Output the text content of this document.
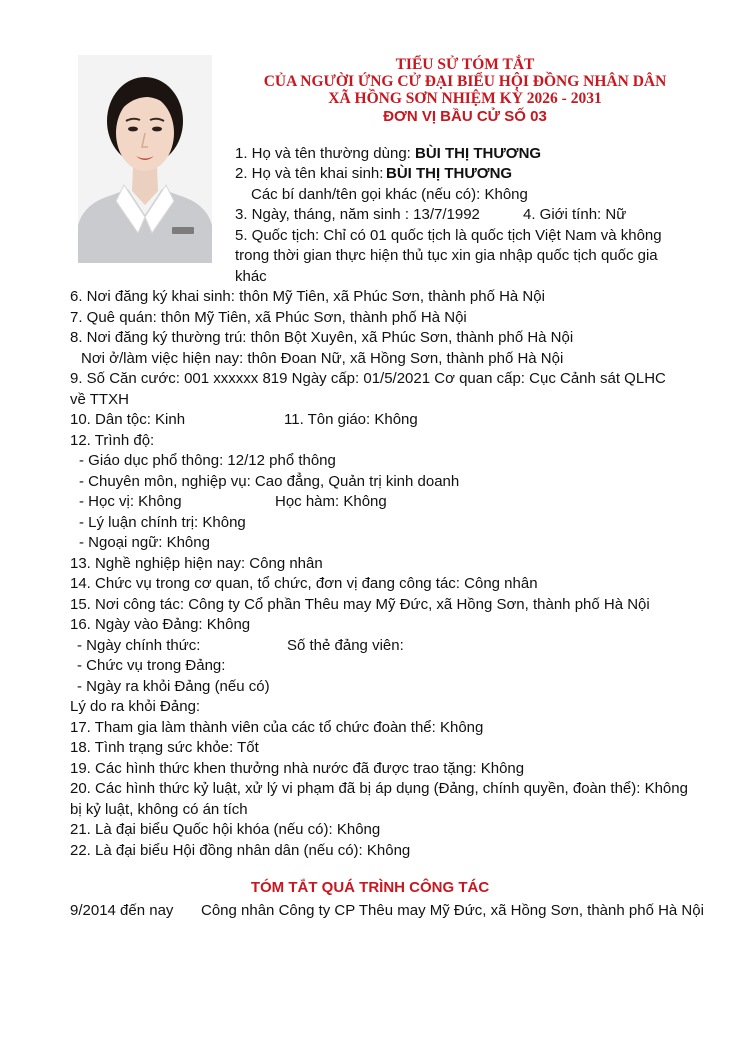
TIỂU SỬ TÓM TẮT
CỦA NGƯỜI ỨNG CỬ ĐẠI BIỂU HỘI ĐỒNG NHÂN DÂN
XÃ HỒNG SƠN NHIỆM KỲ 2026 - 2031
ĐƠN VỊ BẦU CỬ SỐ 03
1. Họ và tên thường dùng: BÙI THỊ THƯƠNG
2. Họ và tên khai sinh: BÙI THỊ THƯƠNG
Các bí danh/tên gọi khác (nếu có): Không
3. Ngày, tháng, năm sinh : 13/7/1992	4. Giới tính: Nữ
5. Quốc tịch: Chỉ có 01 quốc tịch là quốc tịch Việt Nam và không
trong thời gian thực hiện thủ tục xin gia nhập quốc tịch quốc gia
khác
6. Nơi đăng ký khai sinh: thôn Mỹ Tiên, xã Phúc Sơn, thành phố Hà Nội
7. Quê quán: thôn Mỹ Tiên, xã Phúc Sơn, thành phố Hà Nội
8. Nơi đăng ký thường trú: thôn Bột Xuyên, xã Phúc Sơn, thành phố Hà Nội
Nơi ở/làm việc hiện nay: thôn Đoan Nữ, xã Hồng Sơn, thành phố Hà Nội
9. Số Căn cước: 001 xxxxxx 819 Ngày cấp: 01/5/2021 Cơ quan cấp: Cục Cảnh sát QLHC
về TTXH
10. Dân tộc: Kinh	11. Tôn giáo: Không
12. Trình độ:
- Giáo dục phổ thông: 12/12 phổ thông
- Chuyên môn, nghiệp vụ: Cao đẳng, Quản trị kinh doanh
- Học vị: Không	Học hàm: Không
- Lý luận chính trị: Không
- Ngoại ngữ: Không
13. Nghề nghiệp hiện nay: Công nhân
14. Chức vụ trong cơ quan, tổ chức, đơn vị đang công tác: Công nhân
15. Nơi công tác: Công ty Cổ phần Thêu may Mỹ Đức, xã Hồng Sơn, thành phố Hà Nội
16. Ngày vào Đảng: Không
- Ngày chính thức:	Số thẻ đảng viên:
- Chức vụ trong Đảng:
- Ngày ra khỏi Đảng (nếu có)
Lý do ra khỏi Đảng:
17. Tham gia làm thành viên của các tổ chức đoàn thể: Không
18. Tình trạng sức khỏe: Tốt
19. Các hình thức khen thưởng nhà nước đã được trao tặng: Không
20. Các hình thức kỷ luật, xử lý vi phạm đã bị áp dụng (Đảng, chính quyền, đoàn thể): Không
bị kỷ luật, không có án tích
21. Là đại biểu Quốc hội khóa (nếu có): Không
22. Là đại biểu Hội đồng nhân dân (nếu có): Không
TÓM TẮT QUÁ TRÌNH CÔNG TÁC
9/2014 đến nay Công nhân Công ty CP Thêu may Mỹ Đức, xã Hồng Sơn, thành phố Hà Nội
